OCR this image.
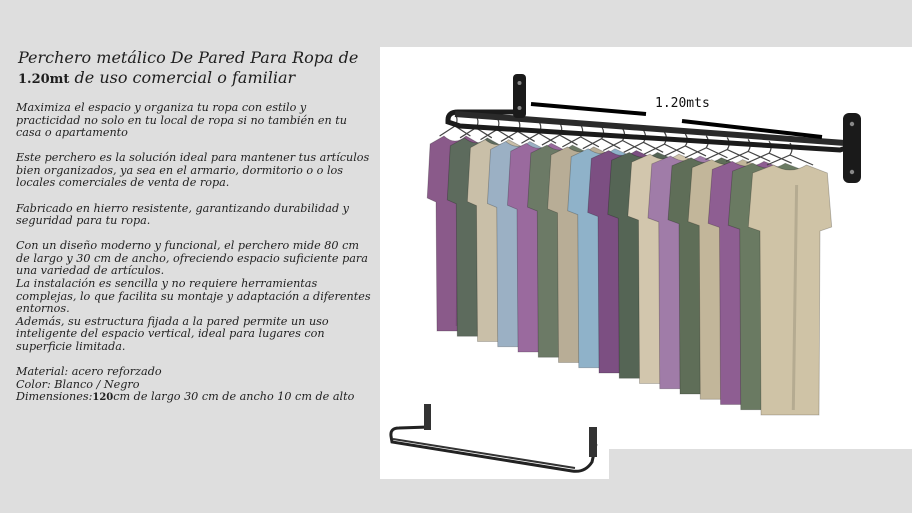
Perchero metálico De Pared Para Ropa de
1.20mt de uso comercial o familiar

Maximiza el espacio y organiza tu ropa con estilo y practicidad no solo en tu local de ropa si no también en tu casa o apartamento

Este perchero es la solución ideal para mantener tus artículos bien organizados, ya sea en el armario, dormitorio o o los locales comerciales de venta de ropa.

Fabricado en hierro resistente, garantizando durabilidad y seguridad para tu ropa.

Con un diseño moderno y funcional, el perchero mide 80 cm de largo y 30 cm de ancho, ofreciendo espacio suficiente para una variedad de artículos.

La instalación es sencilla y no requiere herramientas complejas, lo que facilita su montaje y adaptación a diferentes entornos.

Además, su estructura fijada a la pared permite un uso inteligente del espacio vertical, ideal para lugares con superficie limitada.

Material: acero reforzado

Color: Blanco / Negro

Dimensiones:120cm de largo 30 cm de ancho 10 cm de alto

1.20mts
